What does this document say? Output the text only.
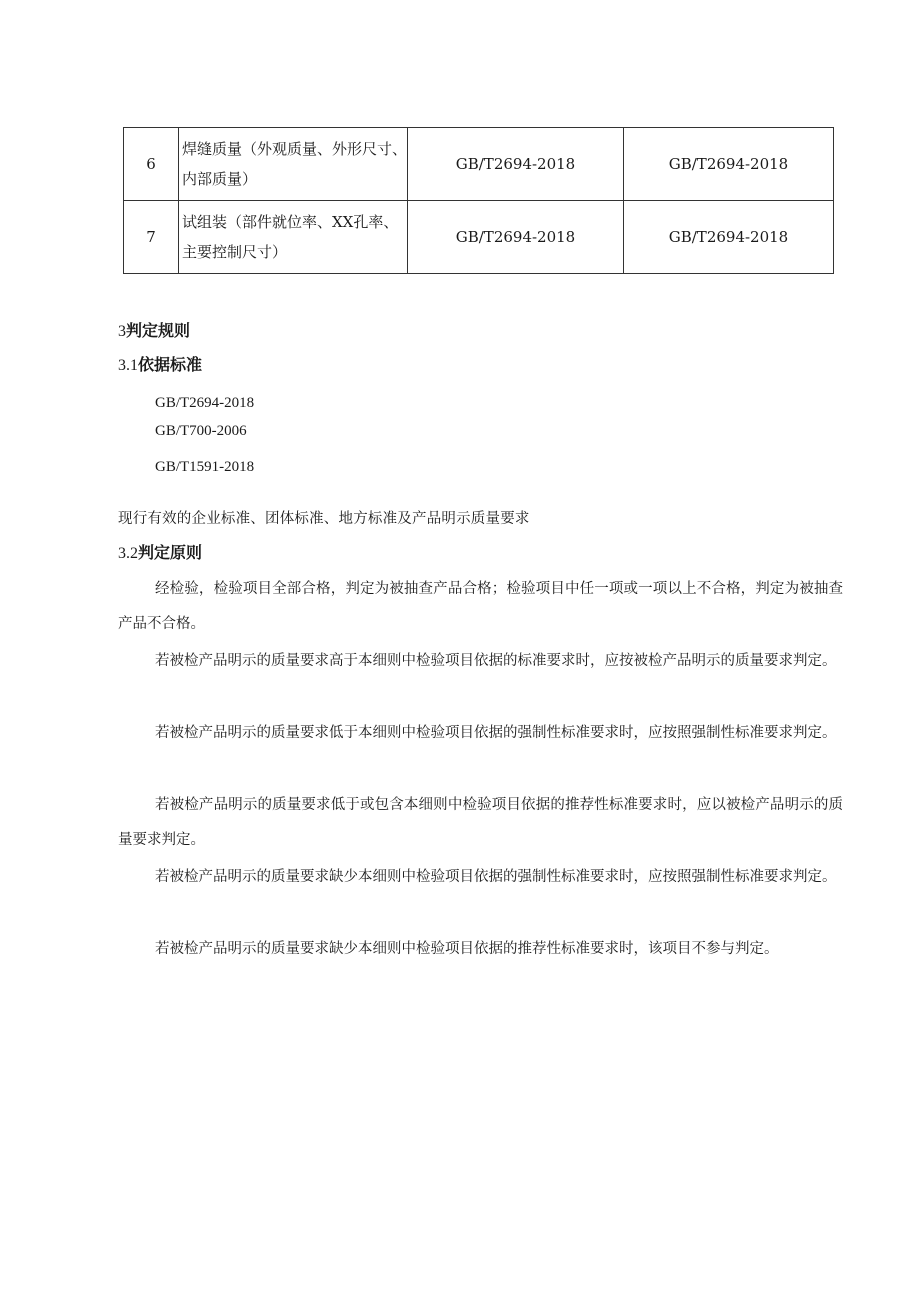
6	焊缝质量（外观质量、外形尺寸、内部质量）	GB/T2694-2018	GB/T2694-2018
7	试组装（部件就位率、XX孔率、主要控制尺寸）	GB/T2694-2018	GB/T2694-2018
3判定规则
3.1依据标准
GB/T2694-2018
GB/T700-2006
GB/T1591-2018
现行有效的企业标准、团体标准、地方标准及产品明示质量要求
3.2判定原则

经检验，检验项目全部合格，判定为被抽查产品合格；检验项目中任一项或一项以上不合格，判定为被抽查产品不合格。

若被检产品明示的质量要求高于本细则中检验项目依据的标准要求时，应按被检产品明示的质量要求判定。

若被检产品明示的质量要求低于本细则中检验项目依据的强制性标准要求时，应按照强制性标准要求判定。

若被检产品明示的质量要求低于或包含本细则中检验项目依据的推荐性标准要求时，应以被检产品明示的质量要求判定。

若被检产品明示的质量要求缺少本细则中检验项目依据的强制性标准要求时，应按照强制性标准要求判定。

若被检产品明示的质量要求缺少本细则中检验项目依据的推荐性标准要求时，该项目不参与判定。
